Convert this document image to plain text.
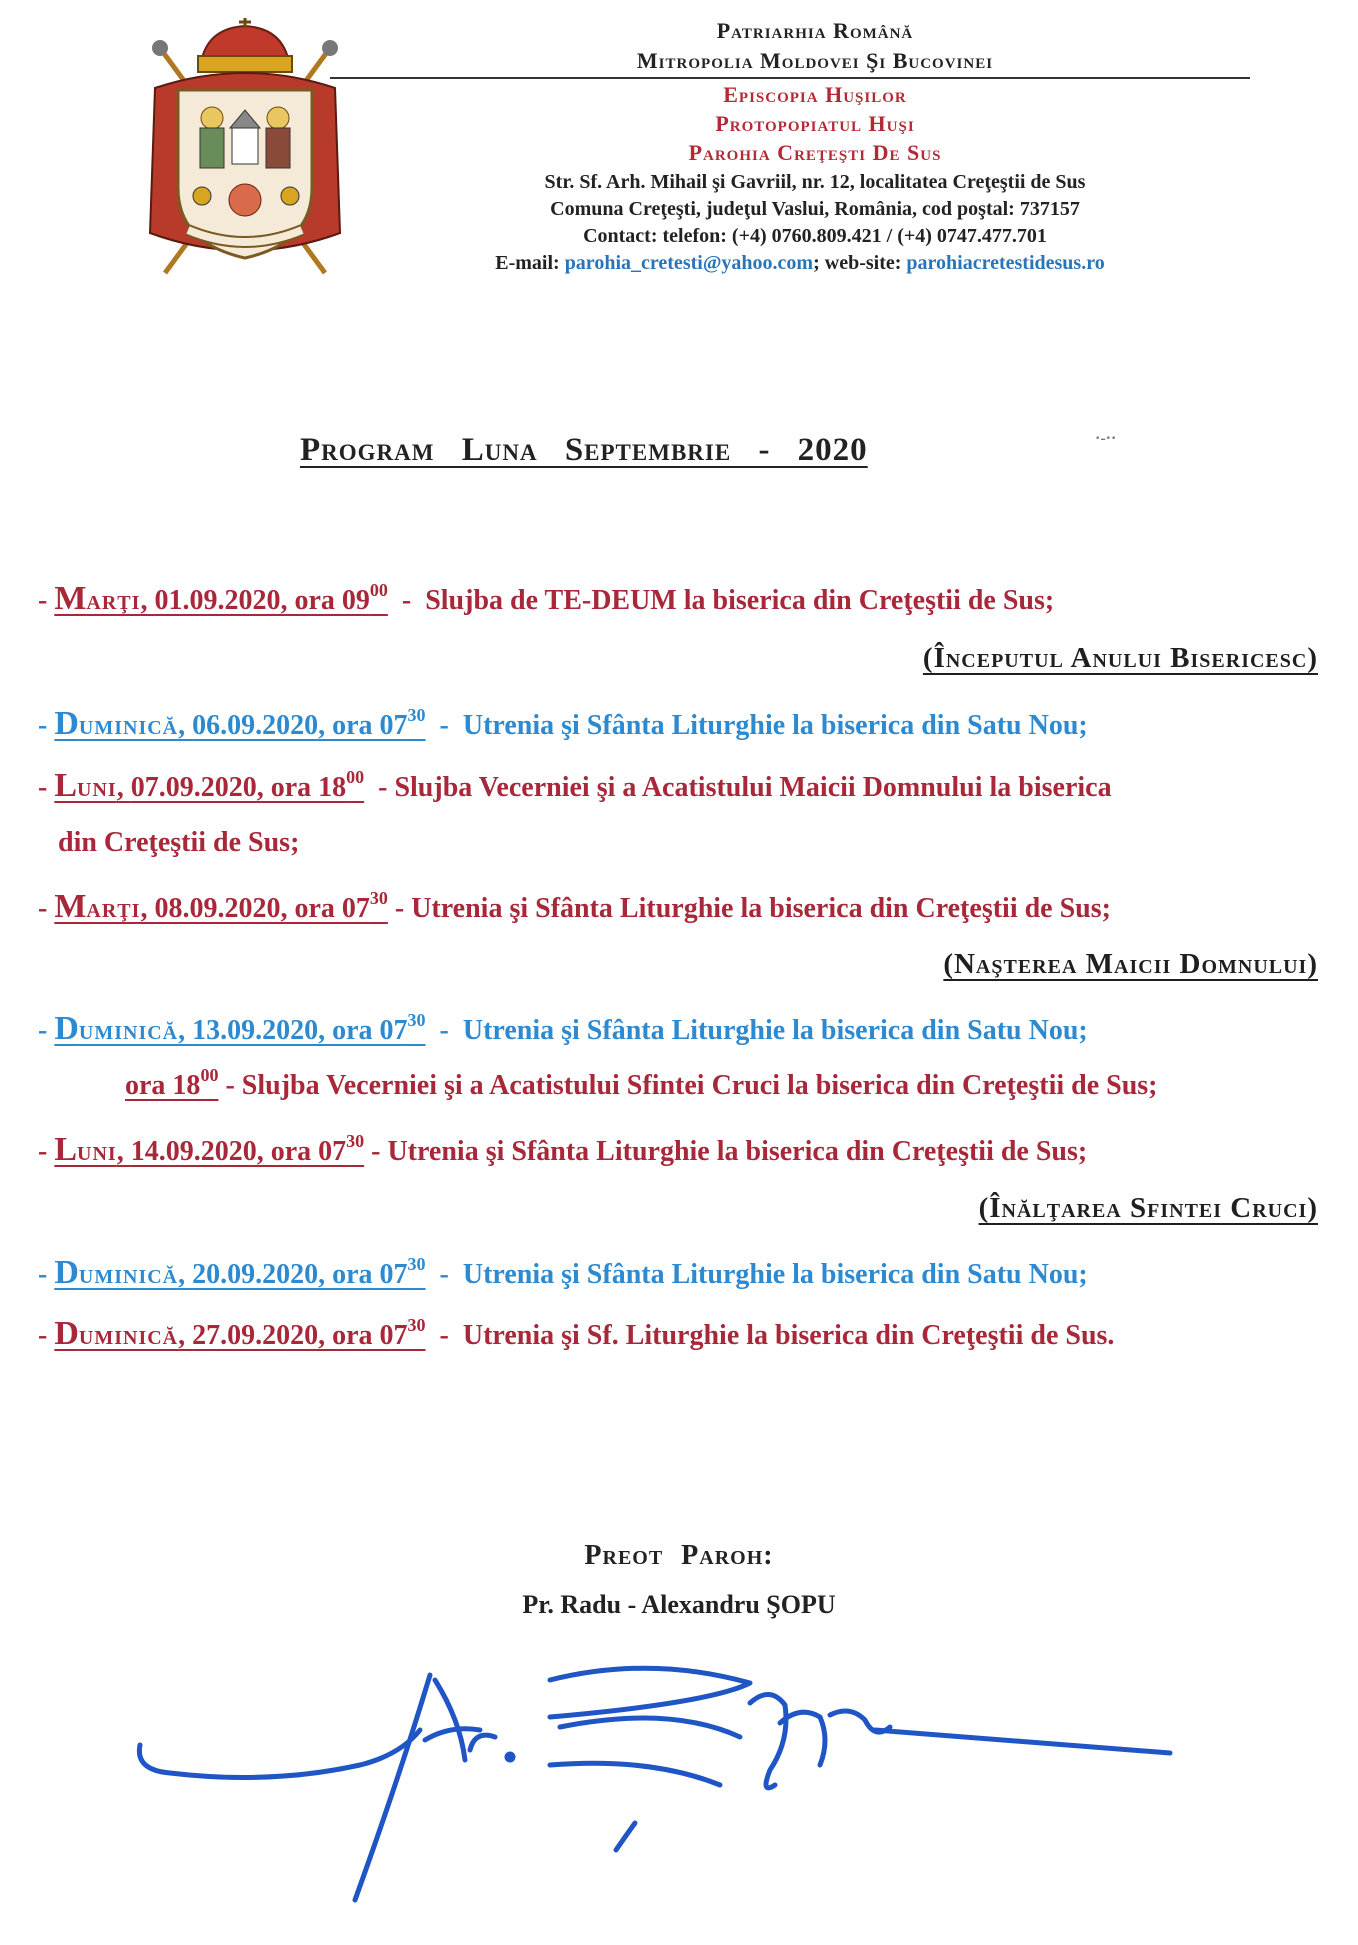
Patriarhia Română
Mitropolia Moldovei Şi Bucovinei
Episcopia Huşilor
Protopopiatul Huşi
Parohia Creţeşti De Sus
Str. Sf. Arh. Mihail şi Gavriil, nr. 12, localitatea Creţeştii de Sus
Comuna Creţeşti, judeţul Vaslui, România, cod poştal: 737157
Contact: telefon: (+4) 0760.809.421 / (+4) 0747.477.701
E-mail: parohia_cretesti@yahoo.com; web-site: parohiacretestidesus.ro
Program Luna Septembrie - 2020	·-··
- Marţi, 01.09.2020, ora $09^{00}$  -  Slujba de TE-DEUM la biserica din Creţeştii de Sus;
(Începutul Anului Bisericesc)
- Duminică, 06.09.2020, ora $07^{30}$  -  Utrenia şi Sfânta Liturghie la biserica din Satu Nou;
- Luni, 07.09.2020, ora $18^{00}$  - Slujba Vecerniei şi a Acatistului Maicii Domnului la biserica
din Creţeştii de Sus;
- Marţi, 08.09.2020, ora $07^{30}$ - Utrenia şi Sfânta Liturghie la biserica din Creţeştii de Sus;
(Naşterea Maicii Domnului)
- Duminică, 13.09.2020, ora $07^{30}$  -  Utrenia şi Sfânta Liturghie la biserica din Satu Nou;
ora $18^{00}$ - Slujba Vecerniei şi a Acatistului Sfintei Cruci la biserica din Creţeştii de Sus;
- Luni, 14.09.2020, ora $07^{30}$ - Utrenia şi Sfânta Liturghie la biserica din Creţeştii de Sus;
(Înălţarea Sfintei Cruci)
- Duminică, 20.09.2020, ora $07^{30}$  -  Utrenia şi Sfânta Liturghie la biserica din Satu Nou;
- Duminică, 27.09.2020, ora $07^{30}$  -  Utrenia şi Sf. Liturghie la biserica din Creţeştii de Sus.
Preot Paroh:
Pr. Radu - Alexandru ŞOPU
